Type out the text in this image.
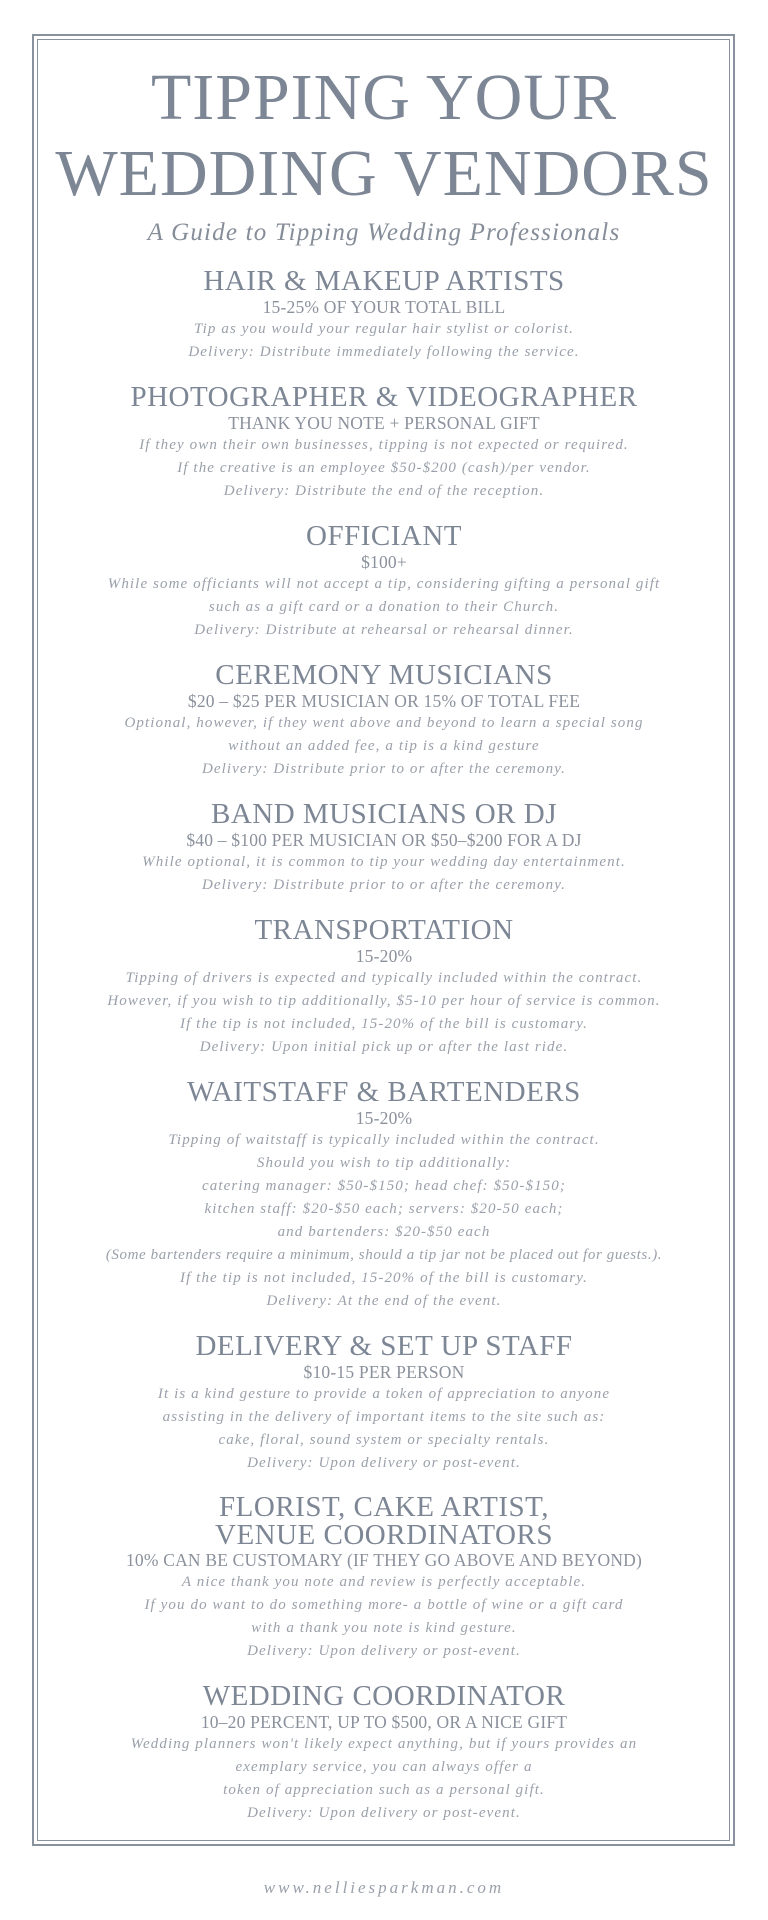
TIPPING YOUR
WEDDING VENDORS
A Guide to Tipping Wedding Professionals
HAIR & MAKEUP ARTISTS
15-25% OF YOUR TOTAL BILL
Tip as you would your regular hair stylist or colorist.
Delivery: Distribute immediately following the service.
PHOTOGRAPHER & VIDEOGRAPHER
THANK YOU NOTE + PERSONAL GIFT
If they own their own businesses, tipping is not expected or required.
If the creative is an employee $50-$200 (cash)/per vendor.
Delivery: Distribute the end of the reception.
OFFICIANT
$100+
While some officiants will not accept a tip, considering gifting a personal gift
such as a gift card or a donation to their Church.
Delivery: Distribute at rehearsal or rehearsal dinner.
CEREMONY MUSICIANS
$20 – $25 PER MUSICIAN OR 15% OF TOTAL FEE
Optional, however, if they went above and beyond to learn a special song
without an added fee, a tip is a kind gesture
Delivery: Distribute prior to or after the ceremony.
BAND MUSICIANS OR DJ
$40 – $100 PER MUSICIAN OR $50–$200 FOR A DJ
While optional, it is common to tip your wedding day entertainment.
Delivery: Distribute prior to or after the ceremony.
TRANSPORTATION
15-20%
Tipping of drivers is expected and typically included within the contract.
However, if you wish to tip additionally, $5-10 per hour of service is common.
If the tip is not included, 15-20% of the bill is customary.
Delivery: Upon initial pick up or after the last ride.
WAITSTAFF & BARTENDERS
15-20%
Tipping of waitstaff is typically included within the contract.
Should you wish to tip additionally:
catering manager: $50-$150; head chef: $50-$150;
kitchen staff: $20-$50 each; servers: $20-50 each;
and bartenders: $20-$50 each
(Some bartenders require a minimum, should a tip jar not be placed out for guests.).
If the tip is not included, 15-20% of the bill is customary.
Delivery: At the end of the event.
DELIVERY & SET UP STAFF
$10-15 PER PERSON
It is a kind gesture to provide a token of appreciation to anyone
assisting in the delivery of important items to the site such as:
cake, floral, sound system or specialty rentals.
Delivery: Upon delivery or post-event.
FLORIST, CAKE ARTIST,
VENUE COORDINATORS
10% CAN BE CUSTOMARY (IF THEY GO ABOVE AND BEYOND)
A nice thank you note and review is perfectly acceptable.
If you do want to do something more- a bottle of wine or a gift card
with a thank you note is kind gesture.
Delivery: Upon delivery or post-event.
WEDDING COORDINATOR
10–20 PERCENT, UP TO $500, OR A NICE GIFT
Wedding planners won't likely expect anything, but if yours provides an
exemplary service, you can always offer a
token of appreciation such as a personal gift.
Delivery: Upon delivery or post-event.
www.nelliesparkman.com
